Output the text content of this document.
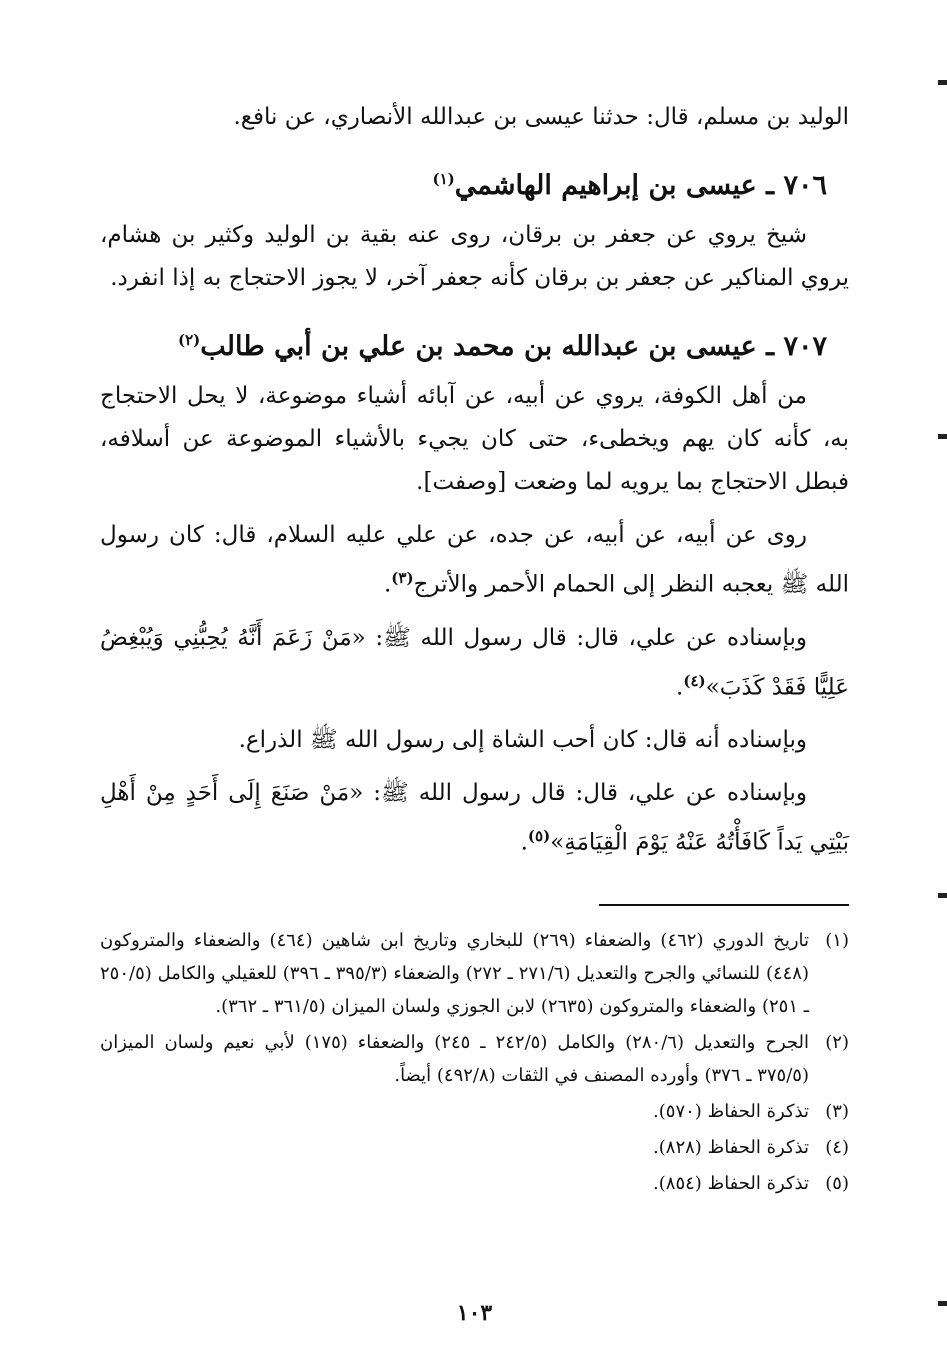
الوليد بن مسلم، قال: حدثنا عيسى بن عبدالله الأنصاري، عن نافع.

٧٠٦ ـ عيسى بن إبراهيم الهاشمي$^{(١)}$

شيخ يروي عن جعفر بن برقان، روى عنه بقية بن الوليد وكثير بن هشام، يروي المناكير عن جعفر بن برقان كأنه جعفر آخر، لا يجوز الاحتجاج به إذا انفرد.

٧٠٧ ـ عيسى بن عبدالله بن محمد بن علي بن أبي طالب$^{(٢)}$

من أهل الكوفة، يروي عن أبيه، عن آبائه أشياء موضوعة، لا يحل الاحتجاج به، كأنه كان يهم ويخطىء، حتى كان يجيء بالأشياء الموضوعة عن أسلافه، فبطل الاحتجاج بما يرويه لما وضعت [وصفت].

روى عن أبيه، عن أبيه، عن جده، عن علي عليه السلام، قال: كان رسول الله ﷺ يعجبه النظر إلى الحمام الأحمر والأترج$^{(٣)}$.

وبإسناده عن علي، قال: قال رسول الله ﷺ: «مَنْ زَعَمَ أَنَّهُ يُحِبُّنِي وَيُبْغِضُ عَلِيًّا فَقَدْ كَذَبَ»$^{(٤)}$.

وبإسناده أنه قال: كان أحب الشاة إلى رسول الله ﷺ الذراع.

وبإسناده عن علي، قال: قال رسول الله ﷺ: «مَنْ صَنَعَ إِلَى أَحَدٍ مِنْ أَهْلِ بَيْتِي يَداً كَافَأْتُهُ عَنْهُ يَوْمَ الْقِيَامَةِ»$^{(٥)}$.

(١)
تاريخ الدوري (٤٦٢) والضعفاء (٢٦٩) للبخاري وتاريخ ابن شاهين (٤٦٤) والضعفاء والمتروكون (٤٤٨) للنسائي والجرح والتعديل (٢٧١/٦ ـ ٢٧٢) والضعفاء (٣٩٥/٣ ـ ٣٩٦) للعقيلي والكامل (٢٥٠/٥ ـ ٢٥١) والضعفاء والمتروكون (٢٦٣٥) لابن الجوزي ولسان الميزان (٣٦١/٥ ـ ٣٦٢).
(٢)
الجرح والتعديل (٢٨٠/٦) والكامل (٢٤٢/٥ ـ ٢٤٥) والضعفاء (١٧٥) لأبي نعيم ولسان الميزان (٣٧٥/٥ ـ ٣٧٦) وأورده المصنف في الثقات (٤٩٢/٨) أيضاً.
(٣)
تذكرة الحفاظ (٥٧٠).
(٤)
تذكرة الحفاظ (٨٢٨).
(٥)
تذكرة الحفاظ (٨٥٤).
١٠٣
